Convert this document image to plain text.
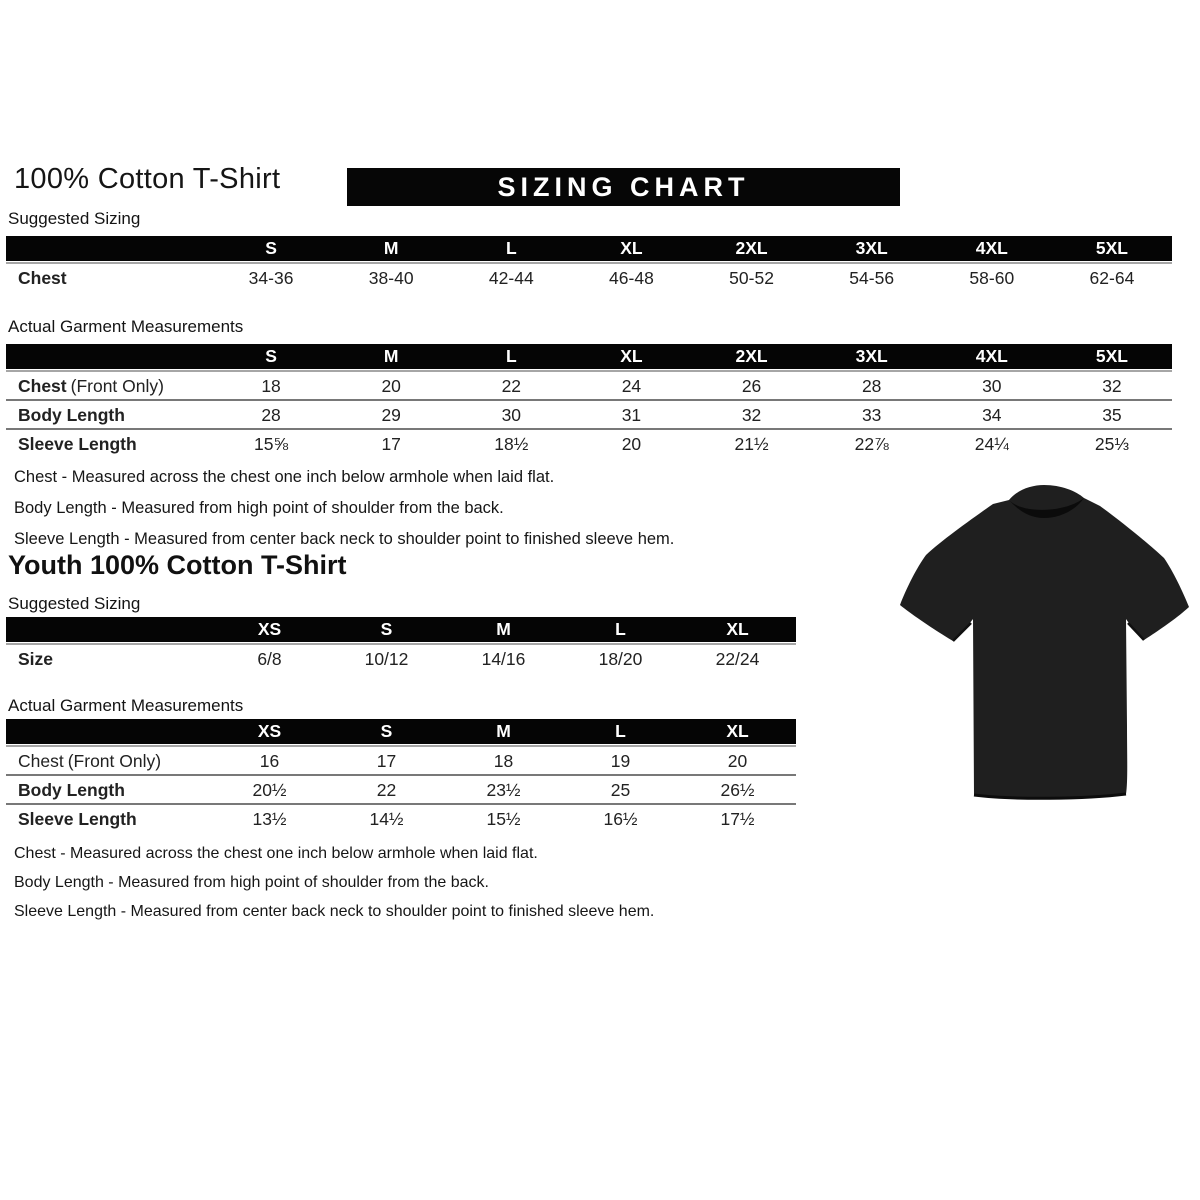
100% Cotton T-Shirt	SIZING CHART
Suggested Sizing
S	M	L	XL	2XL	3XL	4XL	5XL
Chest	34-36	38-40	42-44	46-48	50-52	54-56	58-60	62-64
Actual Garment Measurements
S	M	L	XL	2XL	3XL	4XL	5XL
Chest (Front Only)	18	20	22	24	26	28	30	32
Body Length	28	29	30	31	32	33	34	35
Sleeve Length	15⅝	17	18½	20	21½	22⅞	24¼	25⅓

Chest - Measured across the chest one inch below armhole when laid flat.

Body Length - Measured from high point of shoulder from the back.

Sleeve Length - Measured from center back neck to shoulder point to finished sleeve hem.

Youth 100% Cotton T-Shirt
Suggested Sizing
XS	S	M	L	XL
Size	6/8	10/12	14/16	18/20	22/24
Actual Garment Measurements
XS	S	M	L	XL
Chest (Front Only)	16	17	18	19	20
Body Length	20½	22	23½	25	26½
Sleeve Length	13½	14½	15½	16½	17½

Chest - Measured across the chest one inch below armhole when laid flat.

Body Length - Measured from high point of shoulder from the back.

Sleeve Length - Measured from center back neck to shoulder point to finished sleeve hem.
